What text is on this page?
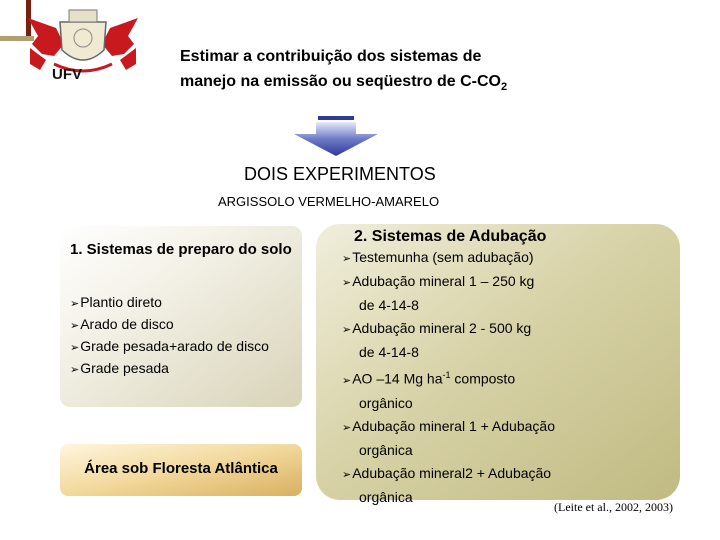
UFV
Estimar a contribuição dos sistemas de
manejo na emissão ou seqüestro de $C-CO_2$
DOIS EXPERIMENTOS
ARGISSOLO VERMELHO-AMARELO
1. Sistemas de preparo do solo
➢Plantio direto
➢Arado de disco
➢Grade pesada+arado de disco
➢Grade pesada
Área sob Floresta Atlântica
2. Sistemas de Adubação
➢Testemunha (sem adubação)
➢Adubação mineral 1 – 250 kg
de 4-14-8
➢Adubação mineral 2 - 500 kg
de 4-14-8
➢AO –14 Mg $ha^{-1}$ composto
orgânico
➢Adubação mineral 1 + Adubação
orgânica
➢Adubação mineral2 + Adubação
orgânica
(Leite et al., 2002, 2003)
